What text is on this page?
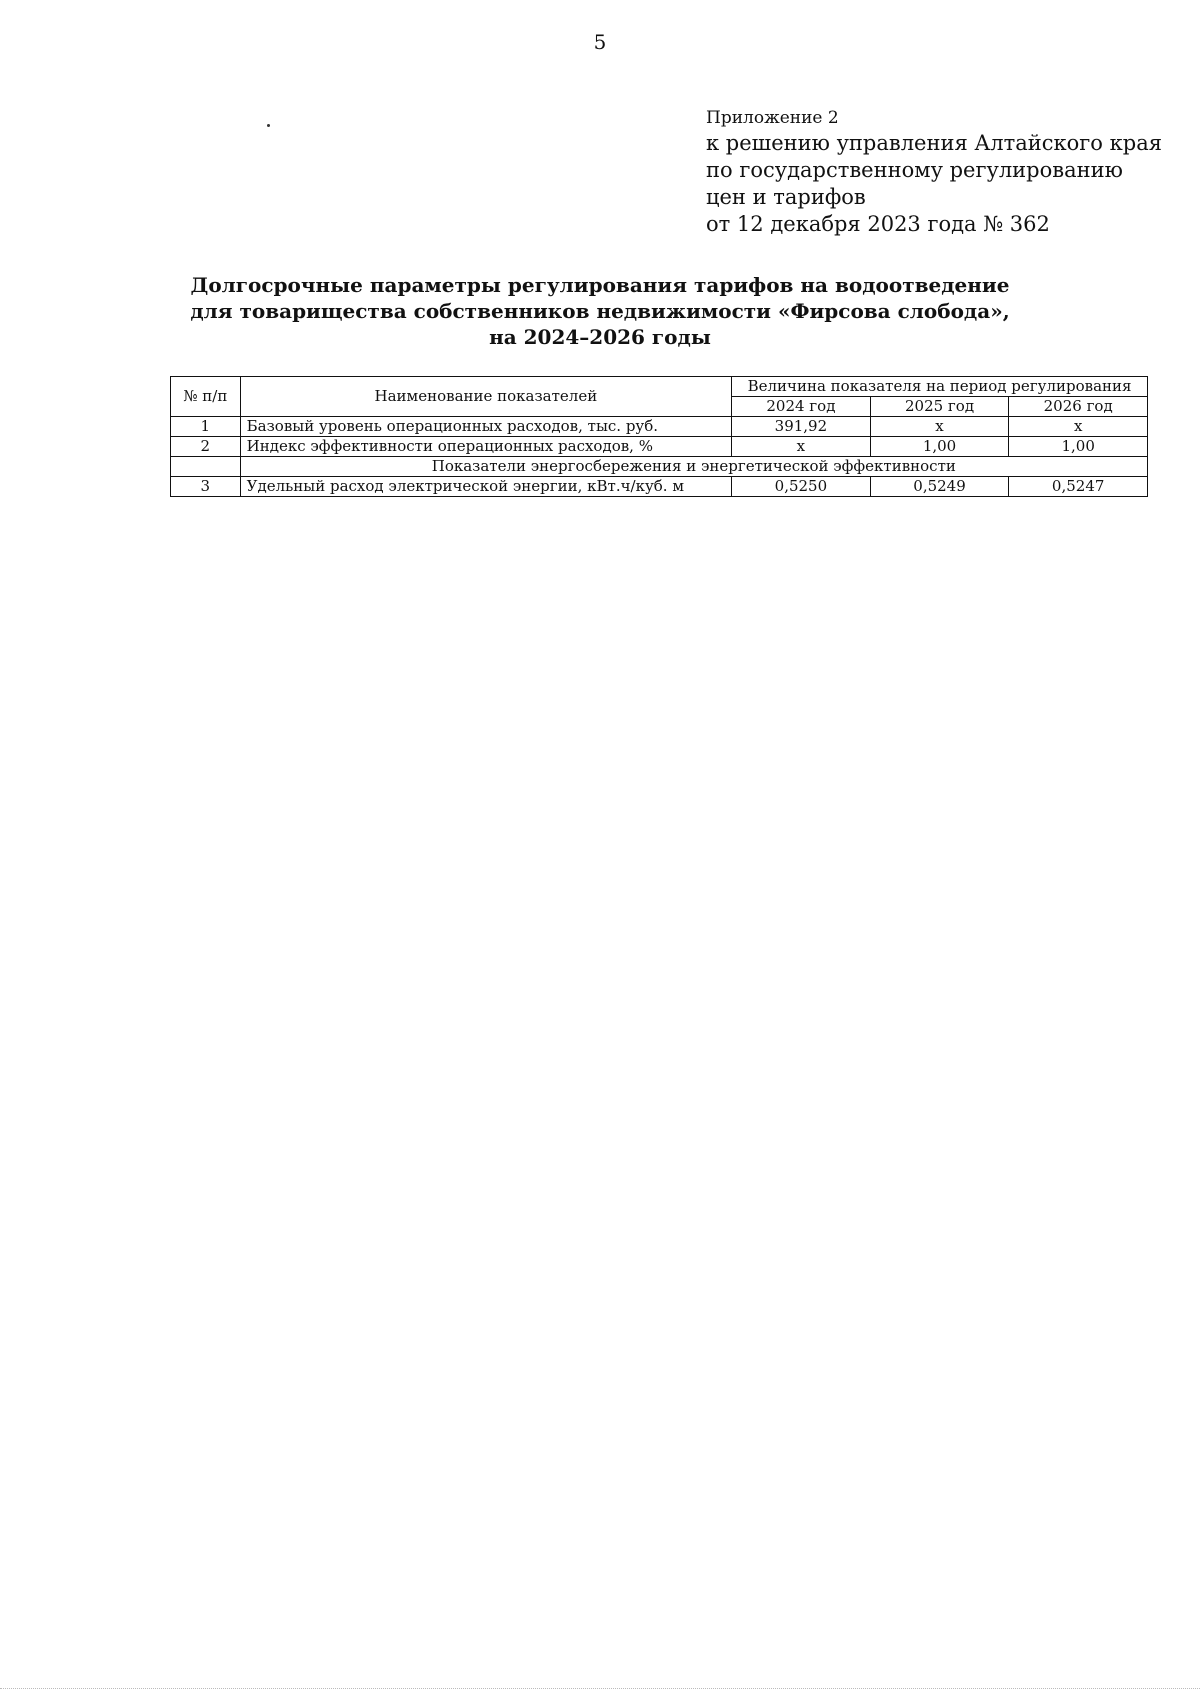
5
Приложение 2
к решению управления Алтайского края
по государственному регулированию
цен и тарифов
от 12 декабря 2023 года № 362
Долгосрочные параметры регулирования тарифов на водоотведение
для товарищества собственников недвижимости «Фирсова слобода»,
на 2024–2026 годы
№ п/п	Наименование показателей	Величина показателя на период регулирования		
		2024 год	2025 год	2026 год
1	Базовый уровень операционных расходов, тыс. руб.	391,92	х	х
2	Индекс эффективности операционных расходов, %	х	1,00	1,00
	Показатели энергосбережения и энергетической эффективности			
3	Удельный расход электрической энергии, кВт.ч/куб. м	0,5250	0,5249	0,5247
